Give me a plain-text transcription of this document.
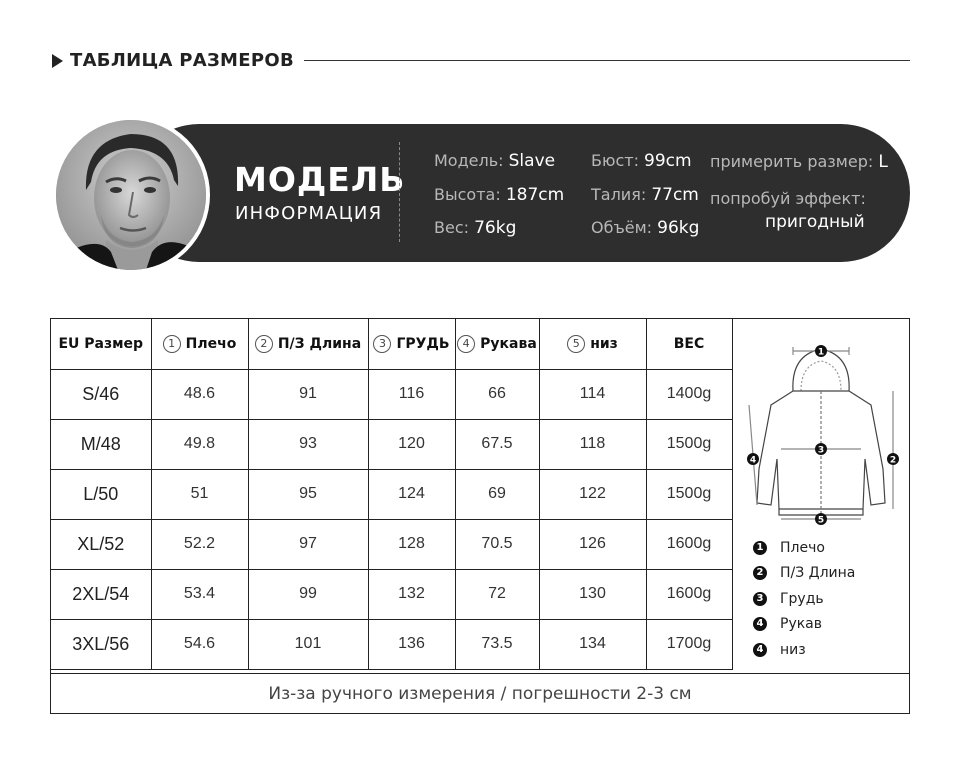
ТАБЛИЦА РАЗМЕРОВ
МОДЕЛЬ
ИНФОРМАЦИЯ
Модель: Slave
Высота: 187cm
Вес: 76kg
Бюст: 99cm
Талия: 77cm
Объём: 96kg
примерить размер: L
попробуй эффект:
пригодный
EU Размер	1 Плечо	2 П/З Длина	3 ГРУДЬ	4 Рукава	5 низ	ВЕС
S/46	48.6	91	116	66	114	1400g
M/48	49.8	93	120	67.5	118	1500g
L/50	51	95	124	69	122	1500g
XL/52	52.2	97	128	70.5	126	1600g
2XL/54	53.4	99	132	72	130	1600g
3XL/56	54.6	101	136	73.5	134	1700g
1
2
3
4
5
1 Плечо
2 П/З Длина
3 Грудь
4 Рукав
4 низ
Из-за ручного измерения / погрешности 2-3 см
